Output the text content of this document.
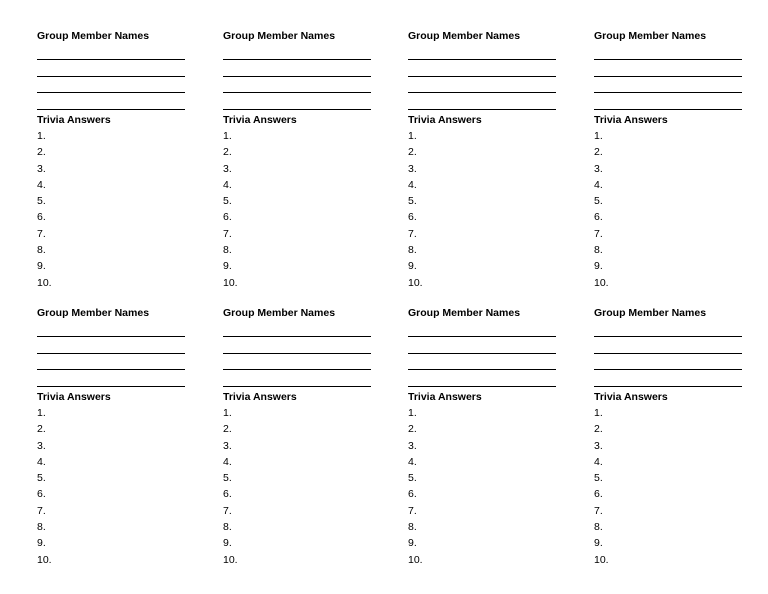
Group Member Names
Trivia Answers
1.
2.
3.
4.
5.
6.
7.
8.
9.
10.
Group Member Names
Trivia Answers
1.
2.
3.
4.
5.
6.
7.
8.
9.
10.
Group Member Names
Trivia Answers
1.
2.
3.
4.
5.
6.
7.
8.
9.
10.
Group Member Names
Trivia Answers
1.
2.
3.
4.
5.
6.
7.
8.
9.
10.
Group Member Names
Trivia Answers
1.
2.
3.
4.
5.
6.
7.
8.
9.
10.
Group Member Names
Trivia Answers
1.
2.
3.
4.
5.
6.
7.
8.
9.
10.
Group Member Names
Trivia Answers
1.
2.
3.
4.
5.
6.
7.
8.
9.
10.
Group Member Names
Trivia Answers
1.
2.
3.
4.
5.
6.
7.
8.
9.
10.
